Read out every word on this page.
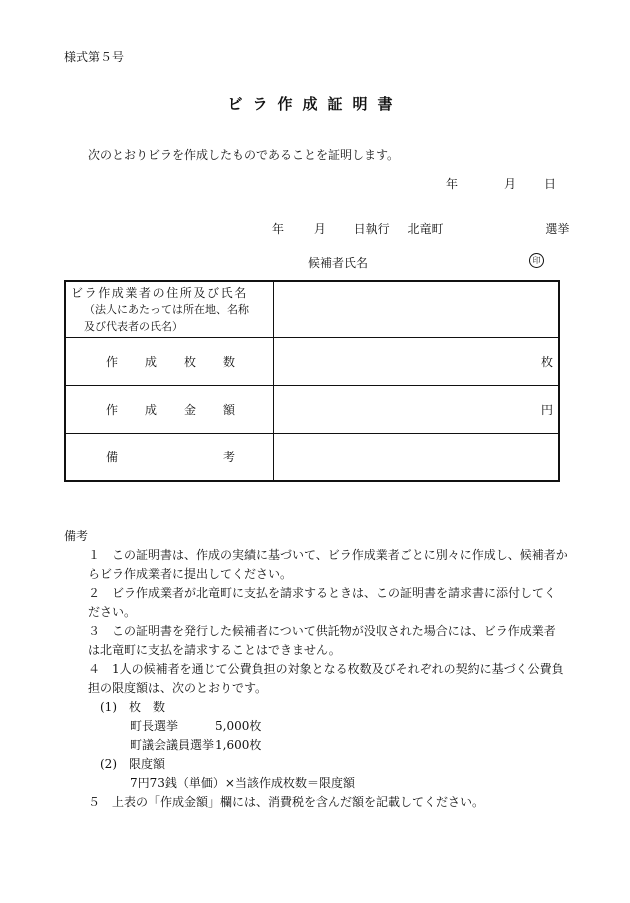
様式第５号
ビラ作成証明書
次のとおりビラを作成したものであることを証明します。
年	月	日
年 月 日執行 北竜町	選挙
候補者氏名	印
ビラ作成業者の住所及び氏名
（法人にあたっては所在地、名称
及び代表者の氏名）	

作 成 枚 数	枚

作 成 金 額	円

備 考	

備考
１　この証明書は、作成の実績に基づいて、ビラ作成業者ごとに別々に作成し、候補者か
らビラ作成業者に提出してください。
２　ビラ作成業者が北竜町に支払を請求するときは、この証明書を請求書に添付してく
ださい。
３　この証明書を発行した候補者について供託物が没収された場合には、ビラ作成業者
は北竜町に支払を請求することはできません。
４　1人の候補者を通じて公費負担の対象となる枚数及びそれぞれの契約に基づく公費負
担の限度額は、次のとおりです。
(1)　枚　数
町長選挙	5,000枚
町議会議員選挙 1,600枚
(2)　限度額
7円73銭（単価）×当該作成枚数＝限度額
５　上表の「作成金額」欄には、消費税を含んだ額を記載してください。
